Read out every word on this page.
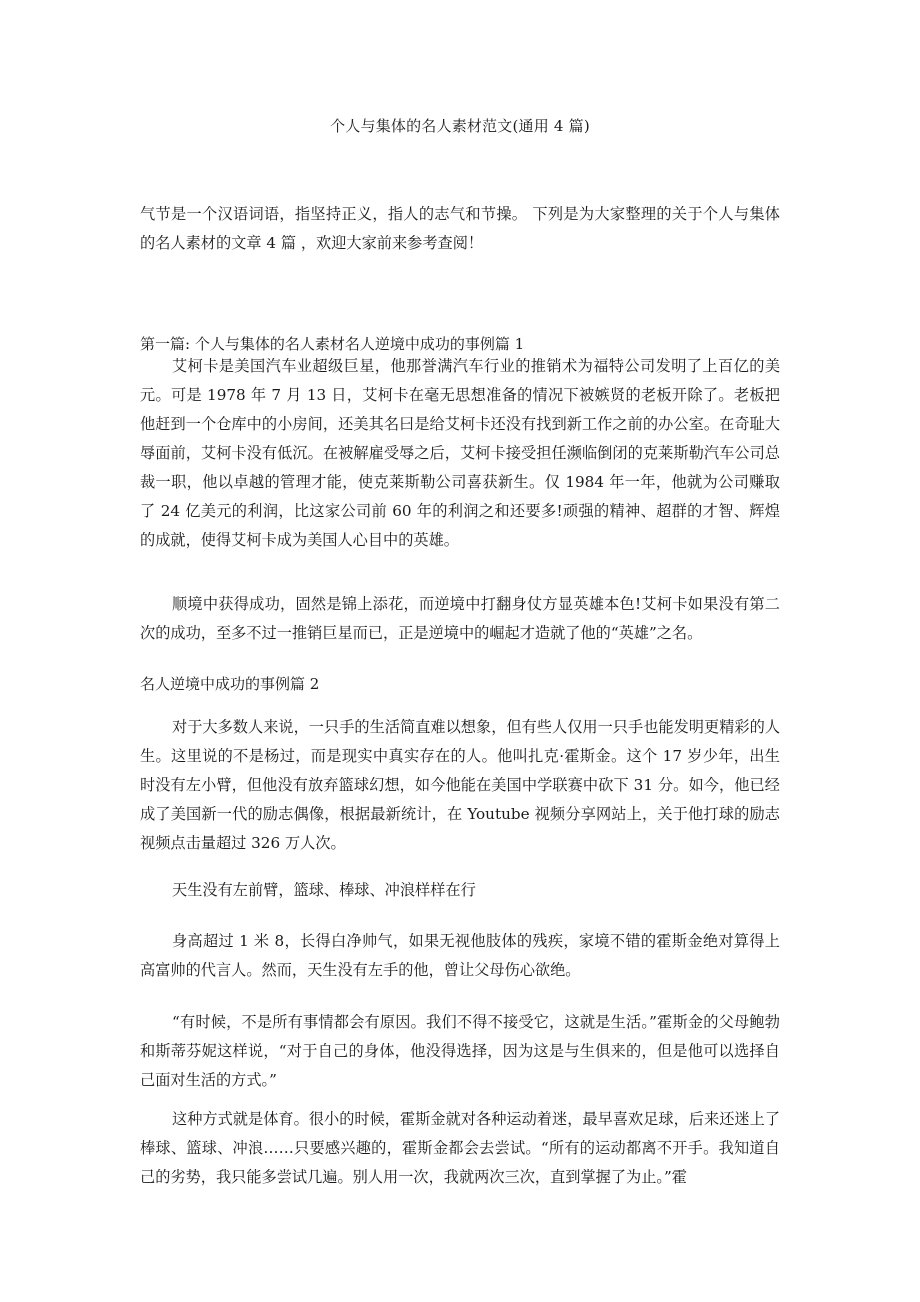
个人与集体的名人素材范文(通用 4 篇)

气节是一个汉语词语，指坚持正义，指人的志气和节操。 下列是为大家整理的关于个人与集体的名人素材的文章 4 篇 ，欢迎大家前来参考查阅！

第一篇: 个人与集体的名人素材名人逆境中成功的事例篇 1

艾柯卡是美国汽车业超级巨星，他那誉满汽车行业的推销术为福特公司发明了上百亿的美元。可是 1978 年 7 月 13 日，艾柯卡在毫无思想准备的情况下被嫉贤的老板开除了。老板把他赶到一个仓库中的小房间，还美其名曰是给艾柯卡还没有找到新工作之前的办公室。在奇耻大辱面前，艾柯卡没有低沉。在被解雇受辱之后，艾柯卡接受担任濒临倒闭的克莱斯勒汽车公司总裁一职，他以卓越的管理才能，使克莱斯勒公司喜获新生。仅 1984 年一年，他就为公司赚取了 24 亿美元的利润，比这家公司前 60 年的利润之和还要多!顽强的精神、超群的才智、辉煌的成就，使得艾柯卡成为美国人心目中的英雄。

顺境中获得成功，固然是锦上添花，而逆境中打翻身仗方显英雄本色!艾柯卡如果没有第二次的成功，至多不过一推销巨星而已，正是逆境中的崛起才造就了他的“英雄”之名。

名人逆境中成功的事例篇 2

对于大多数人来说，一只手的生活简直难以想象，但有些人仅用一只手也能发明更精彩的人生。这里说的不是杨过，而是现实中真实存在的人。他叫扎克·霍斯金。这个 17 岁少年，出生时没有左小臂，但他没有放弃篮球幻想，如今他能在美国中学联赛中砍下 31 分。如今，他已经成了美国新一代的励志偶像，根据最新统计，在 Youtube 视频分享网站上，关于他打球的励志视频点击量超过 326 万人次。

天生没有左前臂，篮球、棒球、冲浪样样在行

身高超过 1 米 8，长得白净帅气，如果无视他肢体的残疾，家境不错的霍斯金绝对算得上高富帅的代言人。然而，天生没有左手的他，曾让父母伤心欲绝。

“有时候，不是所有事情都会有原因。我们不得不接受它，这就是生活。”霍斯金的父母鲍勃和斯蒂芬妮这样说，“对于自己的身体，他没得选择，因为这是与生俱来的，但是他可以选择自己面对生活的方式。”

这种方式就是体育。很小的时候，霍斯金就对各种运动着迷，最早喜欢足球，后来还迷上了棒球、篮球、冲浪……只要感兴趣的，霍斯金都会去尝试。“所有的运动都离不开手。我知道自己的劣势，我只能多尝试几遍。别人用一次，我就两次三次，直到掌握了为止。”霍
